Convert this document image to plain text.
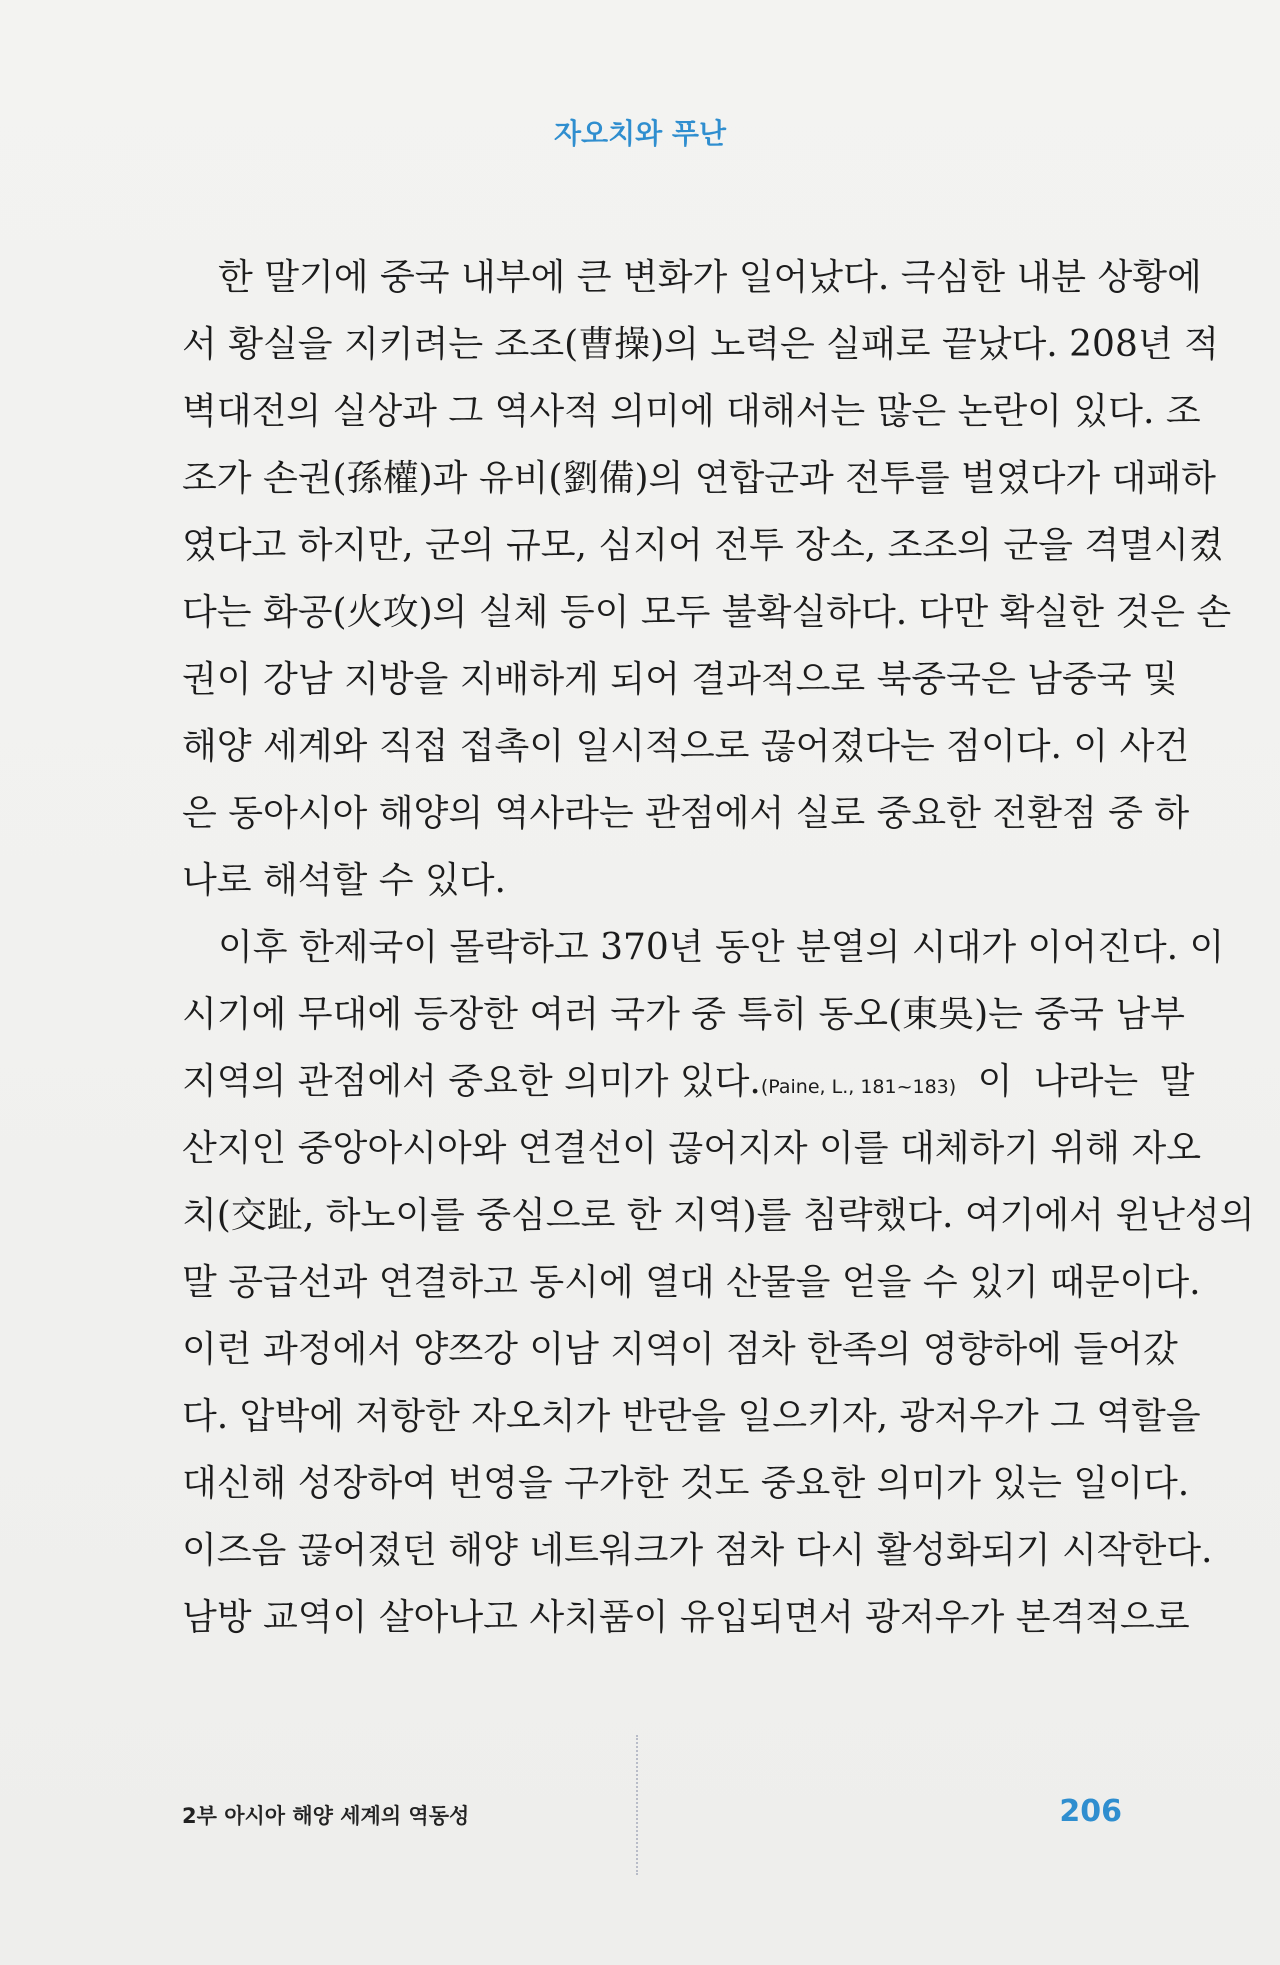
자오치와 푸난
한 말기에 중국 내부에 큰 변화가 일어났다. 극심한 내분 상황에
서 황실을 지키려는 조조(曹操)의 노력은 실패로 끝났다. 208년 적
벽대전의 실상과 그 역사적 의미에 대해서는 많은 논란이 있다. 조
조가 손권(孫權)과 유비(劉備)의 연합군과 전투를 벌였다가 대패하
였다고 하지만, 군의 규모, 심지어 전투 장소, 조조의 군을 격멸시켰
다는 화공(火攻)의 실체 등이 모두 불확실하다. 다만 확실한 것은 손
권이 강남 지방을 지배하게 되어 결과적으로 북중국은 남중국 및
해양 세계와 직접 접촉이 일시적으로 끊어졌다는 점이다. 이 사건
은 동아시아 해양의 역사라는 관점에서 실로 중요한 전환점 중 하
나로 해석할 수 있다.
이후 한제국이 몰락하고 370년 동안 분열의 시대가 이어진다. 이
시기에 무대에 등장한 여러 국가 중 특히 동오(東吳)는 중국 남부
지역의 관점에서 중요한 의미가 있다.(Paine, L., 181~183) 이 나라는 말
산지인 중앙아시아와 연결선이 끊어지자 이를 대체하기 위해 자오
치(交趾, 하노이를 중심으로 한 지역)를 침략했다. 여기에서 윈난성의
말 공급선과 연결하고 동시에 열대 산물을 얻을 수 있기 때문이다.
이런 과정에서 양쯔강 이남 지역이 점차 한족의 영향하에 들어갔
다. 압박에 저항한 자오치가 반란을 일으키자, 광저우가 그 역할을
대신해 성장하여 번영을 구가한 것도 중요한 의미가 있는 일이다.
이즈음 끊어졌던 해양 네트워크가 점차 다시 활성화되기 시작한다.
남방 교역이 살아나고 사치품이 유입되면서 광저우가 본격적으로
2부 아시아 해양 세계의 역동성	206
